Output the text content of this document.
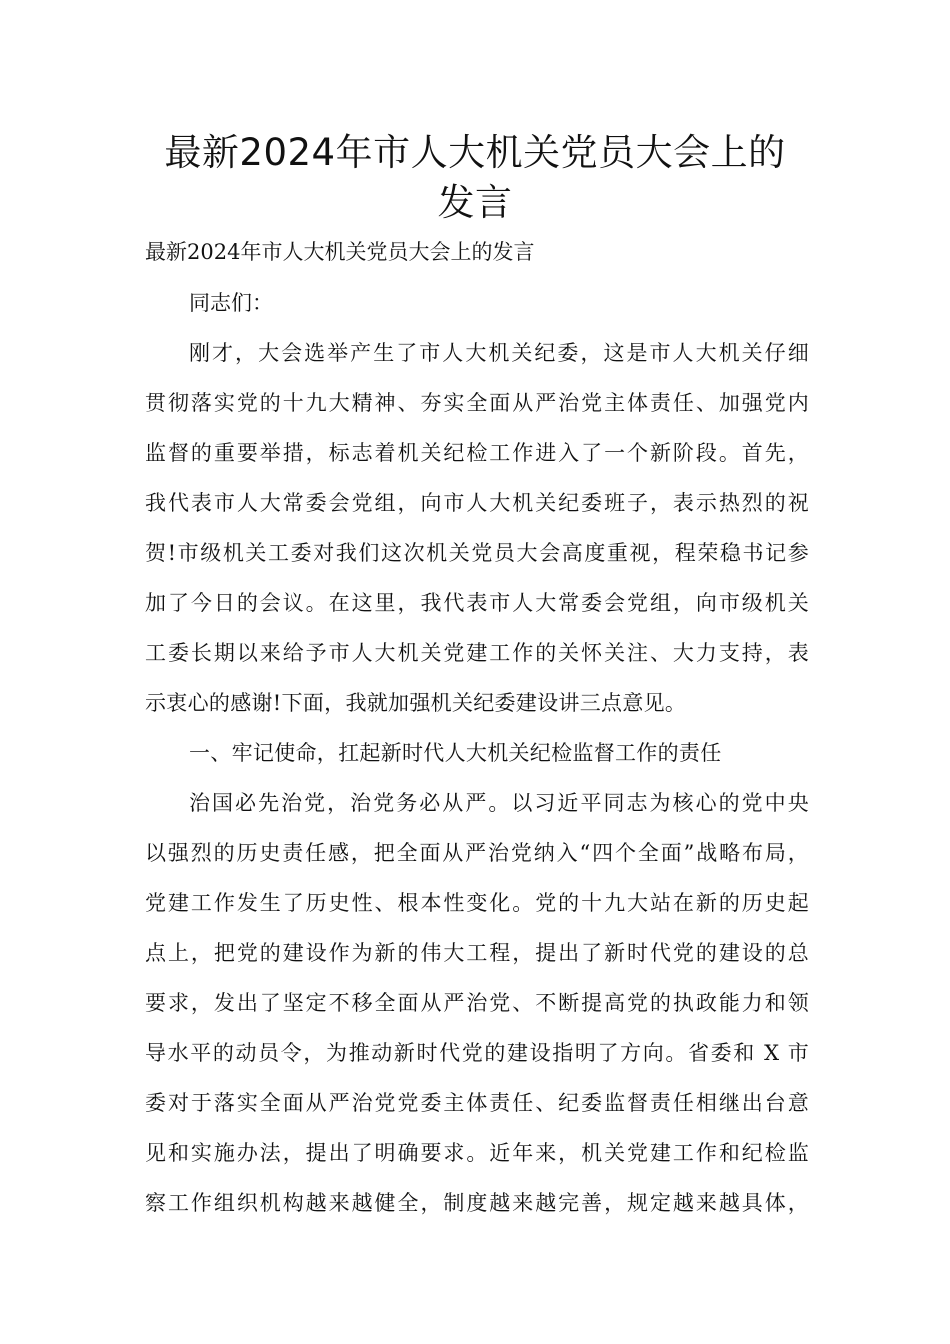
最新2024年市人大机关党员大会上的
发言

最新2024年市人大机关党员大会上的发言

同志们：
刚才，大会选举产生了市人大机关纪委，这是市人大机关仔细
贯彻落实党的十九大精神、夯实全面从严治党主体责任、加强党内
监督的重要举措，标志着机关纪检工作进入了一个新阶段。首先，
我代表市人大常委会党组，向市人大机关纪委班子，表示热烈的祝
贺!市级机关工委对我们这次机关党员大会高度重视，程荣稳书记参
加了今日的会议。在这里，我代表市人大常委会党组，向市级机关
工委长期以来给予市人大机关党建工作的关怀关注、大力支持，表
示衷心的感谢!下面，我就加强机关纪委建设讲三点意见。
一、牢记使命，扛起新时代人大机关纪检监督工作的责任
治国必先治党，治党务必从严。以习近平同志为核心的党中央
以强烈的历史责任感，把全面从严治党纳入“四个全面”战略布局，
党建工作发生了历史性、根本性变化。党的十九大站在新的历史起
点上，把党的建设作为新的伟大工程，提出了新时代党的建设的总
要求，发出了坚定不移全面从严治党、不断提高党的执政能力和领
导水平的动员令，为推动新时代党的建设指明了方向。省委和 X 市
委对于落实全面从严治党党委主体责任、纪委监督责任相继出台意
见和实施办法，提出了明确要求。近年来，机关党建工作和纪检监
察工作组织机构越来越健全，制度越来越完善，规定越来越具体，
